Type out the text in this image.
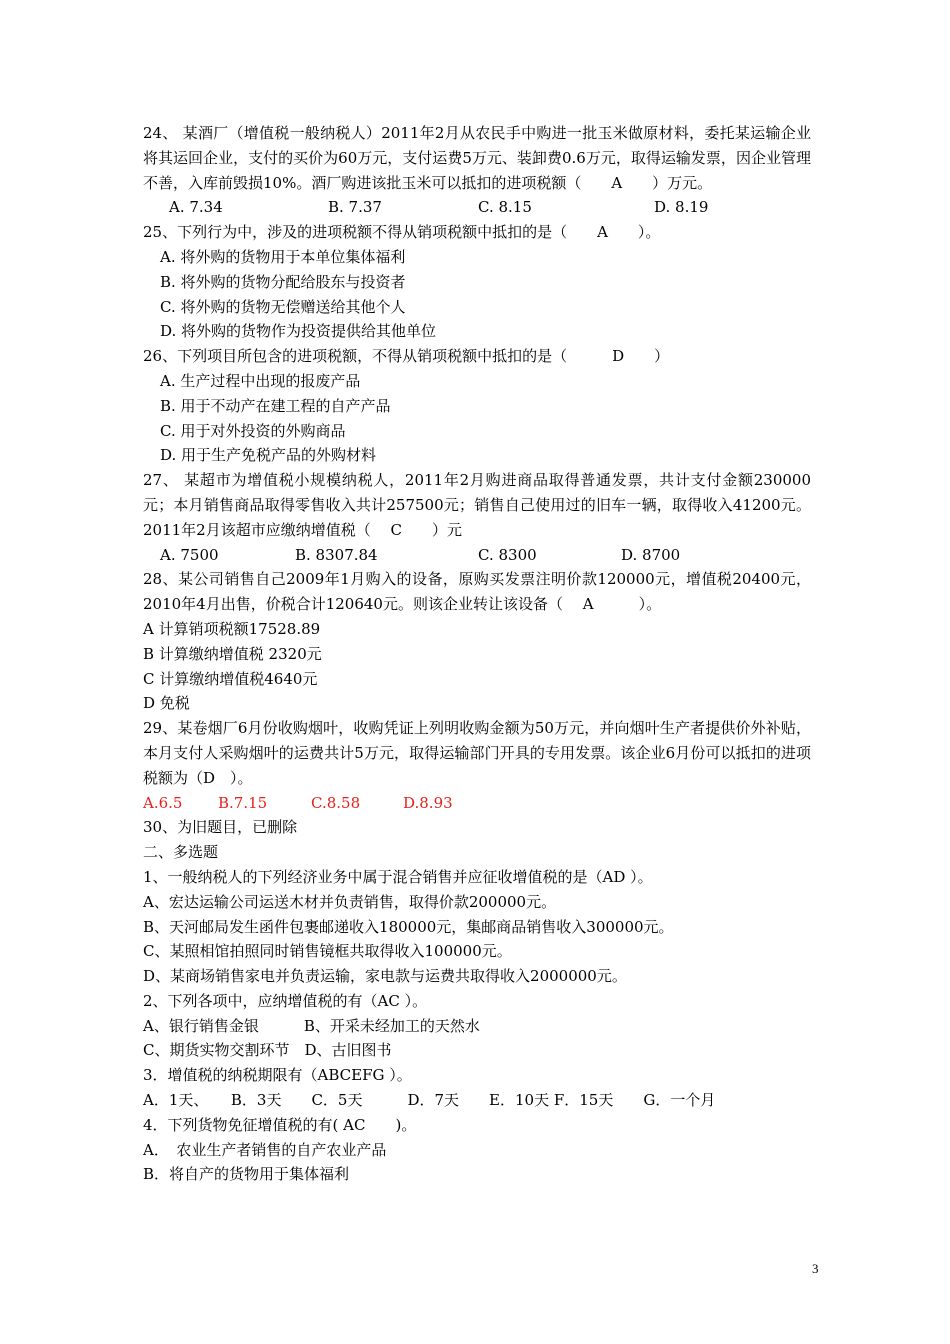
24、 某酒厂（增值税一般纳税人）2011年2月从农民手中购进一批玉米做原材料，委托某运输企业将其运回企业，支付的买价为60万元，支付运费5万元、装卸费0.6万元，取得运输发票，因企业管理不善，入库前毁损10%。酒厂购进该批玉米可以抵扣的进项税额（　　A　　）万元。

A. 7.34	B. 7.37	C. 8.15	D. 8.19

25、下列行为中，涉及的进项税额不得从销项税额中抵扣的是（　　A　　）。

A. 将外购的货物用于本单位集体福利

B. 将外购的货物分配给股东与投资者

C. 将外购的货物无偿赠送给其他个人

D. 将外购的货物作为投资提供给其他单位

26、下列项目所包含的进项税额，不得从销项税额中抵扣的是（　　　D　　）

A. 生产过程中出现的报废产品

B. 用于不动产在建工程的自产产品

C. 用于对外投资的外购商品

D. 用于生产免税产品的外购材料

27、 某超市为增值税小规模纳税人，2011年2月购进商品取得普通发票，共计支付金额230000元；本月销售商品取得零售收入共计257500元；销售自己使用过的旧车一辆，取得收入41200元。2011年2月该超市应缴纳增值税（　 C　　）元

A. 7500	B. 8307.84	C. 8300	D. 8700

28、某公司销售自己2009年1月购入的设备，原购买发票注明价款120000元，增值税20400元，2010年4月出售，价税合计120640元。则该企业转让该设备（　 A　　　）。

A 计算销项税额17528.89

B 计算缴纳增值税 2320元

C 计算缴纳增值税4640元

D 免税

29、某卷烟厂6月份收购烟叶，收购凭证上列明收购金额为50万元，并向烟叶生产者提供价外补贴，本月支付人采购烟叶的运费共计5万元，取得运输部门开具的专用发票。该企业6月份可以抵扣的进项税额为（D　）。

A.6.5	B.7.15	C.8.58	D.8.93

30、为旧题目，已删除

二、多选题

1、一般纳税人的下列经济业务中属于混合销售并应征收增值税的是（AD ）。

A、宏达运输公司运送木材并负责销售，取得价款200000元。

B、天河邮局发生函件包裹邮递收入180000元，集邮商品销售收入300000元。

C、某照相馆拍照同时销售镜框共取得收入100000元。

D、某商场销售家电并负责运输，家电款与运费共取得收入2000000元。

2、下列各项中，应纳增值税的有（AC ）。

A、银行销售金银　　　B、开采未经加工的天然水

C、期货实物交割环节　D、古旧图书

3．增值税的纳税期限有（ABCEFG ）。

A．1天、　　B．3天　　C．5天　　　D．7天　　E．10天 F．15天　　G．一个月

4．下列货物免征增值税的有( AC　　)。

A．　农业生产者销售的自产农业产品

B．将自产的货物用于集体福利

3
